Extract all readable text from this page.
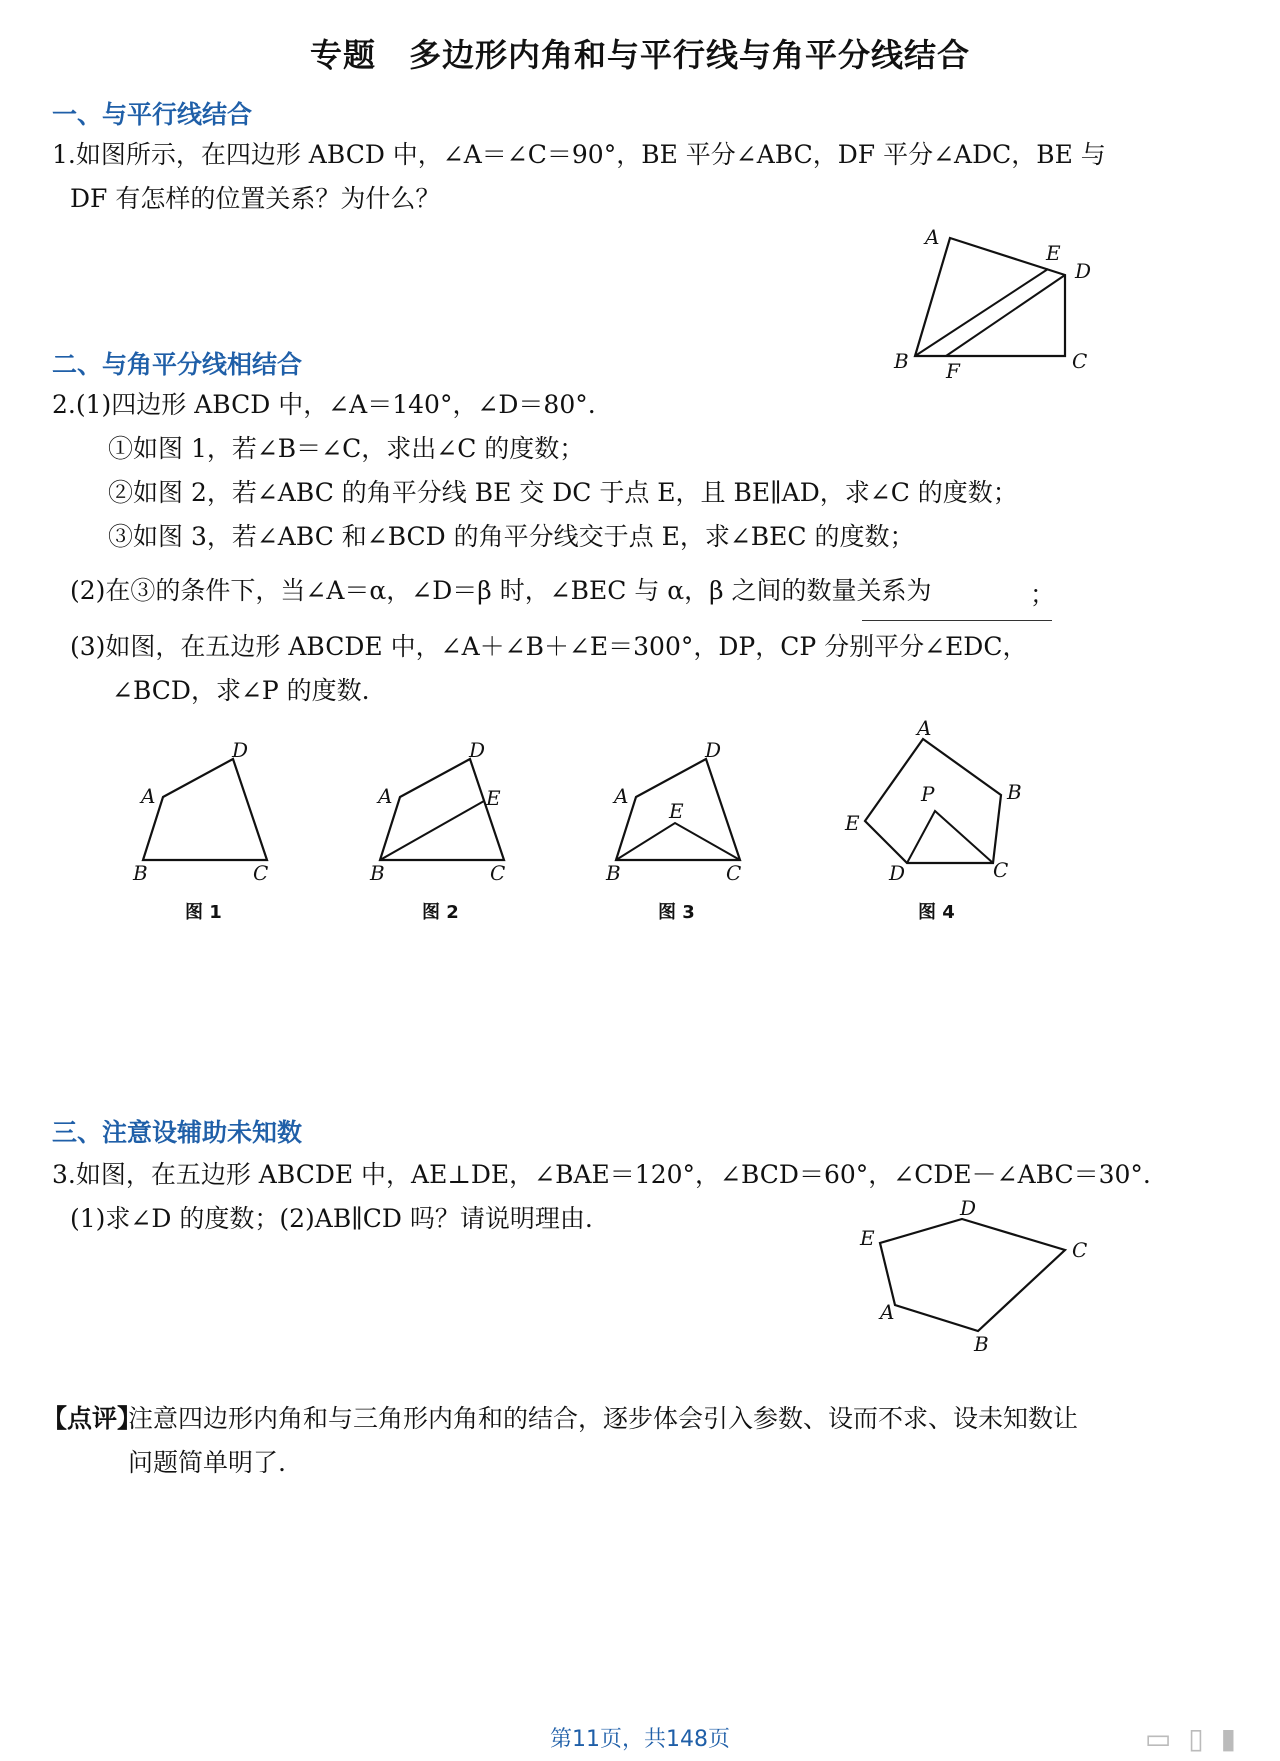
专题　多边形内角和与平行线与角平分线结合
一、与平行线结合
1.如图所示，在四边形 ABCD 中，∠A＝∠C＝90°，BE 平分∠ABC，DF 平分∠ADC，BE 与
DF 有怎样的位置关系？为什么？
A
E
D
B F	C
二、与角平分线相结合
2.(1)四边形 ABCD 中，∠A＝140°，∠D＝80°.
①如图 1，若∠B＝∠C，求出∠C 的度数；
②如图 2，若∠ABC 的角平分线 BE 交 DC 于点 E，且 BE∥AD，求∠C 的度数；
③如图 3，若∠ABC 和∠BCD 的角平分线交于点 E，求∠BEC 的度数；
(2)在③的条件下，当∠A＝α，∠D＝β 时，∠BEC 与 α，β 之间的数量关系为	；
(3)如图，在五边形 ABCDE 中，∠A＋∠B＋∠E＝300°，DP，CP 分别平分∠EDC，
∠BCD，求∠P 的度数.
A
D
B	C
图 1
A
D
E
B	C
图 2
A
D
E
B	C
图 3
A
B
P
E
D	C
图 4
三、注意设辅助未知数
3.如图，在五边形 ABCDE 中，AE⊥DE，∠BAE＝120°，∠BCD＝60°，∠CDE－∠ABC＝30°.
(1)求∠D 的度数；(2)AB∥CD 吗？请说明理由.	D
C
E
A
B
【点评】
注意四边形内角和与三角形内角和的结合，逐步体会引入参数、设而不求、设未知数让
问题简单明了.
第11页，共148页	▭ ▯ ▮
